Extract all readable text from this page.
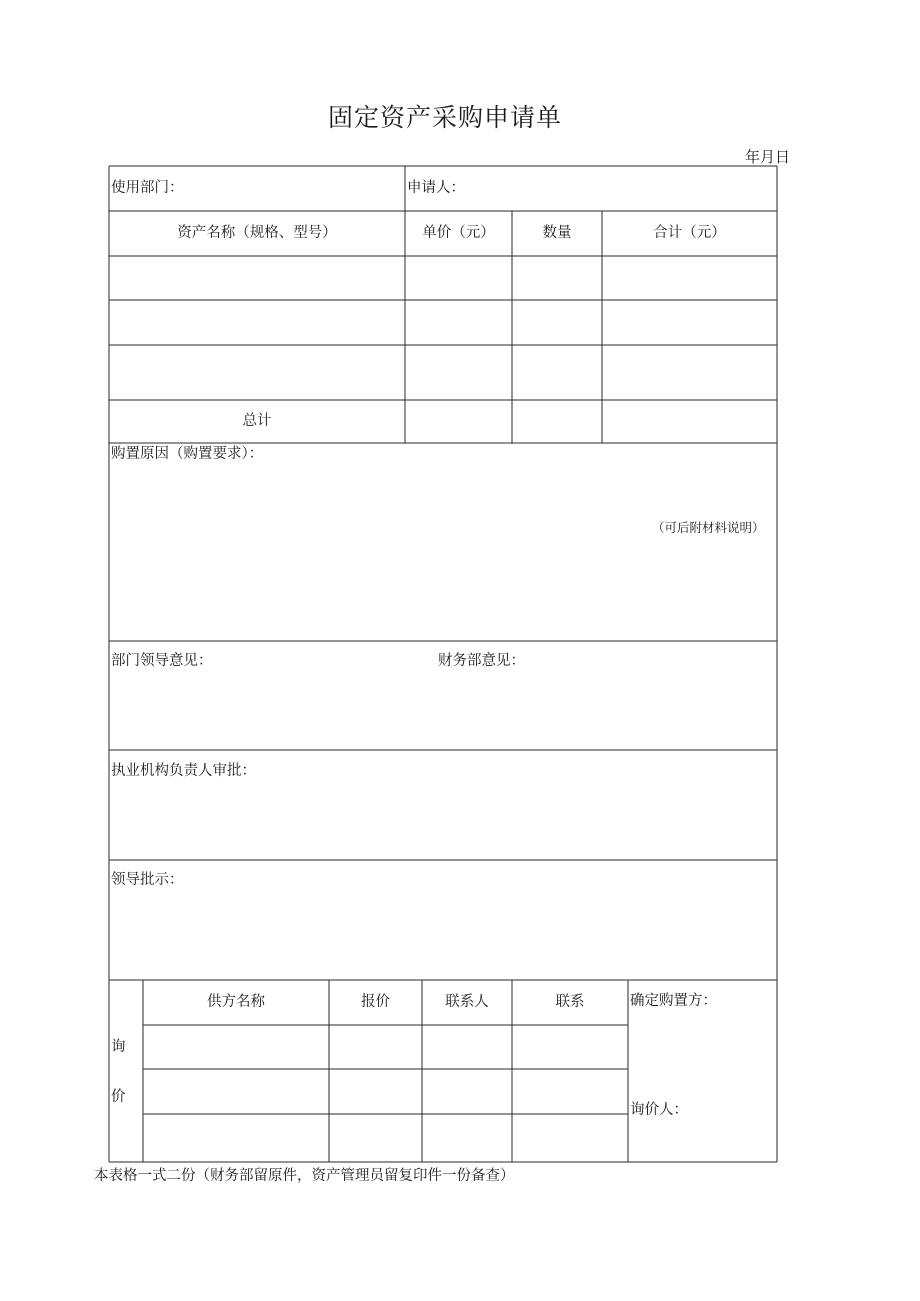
固定资产采购申请单
年月日
使用部门：	申请人：
资产名称（规格、型号）	单价（元）	数量	合计（元）
总计
购置原因（购置要求）：
（可后附材料说明）
部门领导意见：	财务部意见：
执业机构负责人审批：
领导批示：
询
价
供方名称	报价	联系人	联系	确定购置方：
询价人：
本表格一式二份（财务部留原件，资产管理员留复印件一份备查）
